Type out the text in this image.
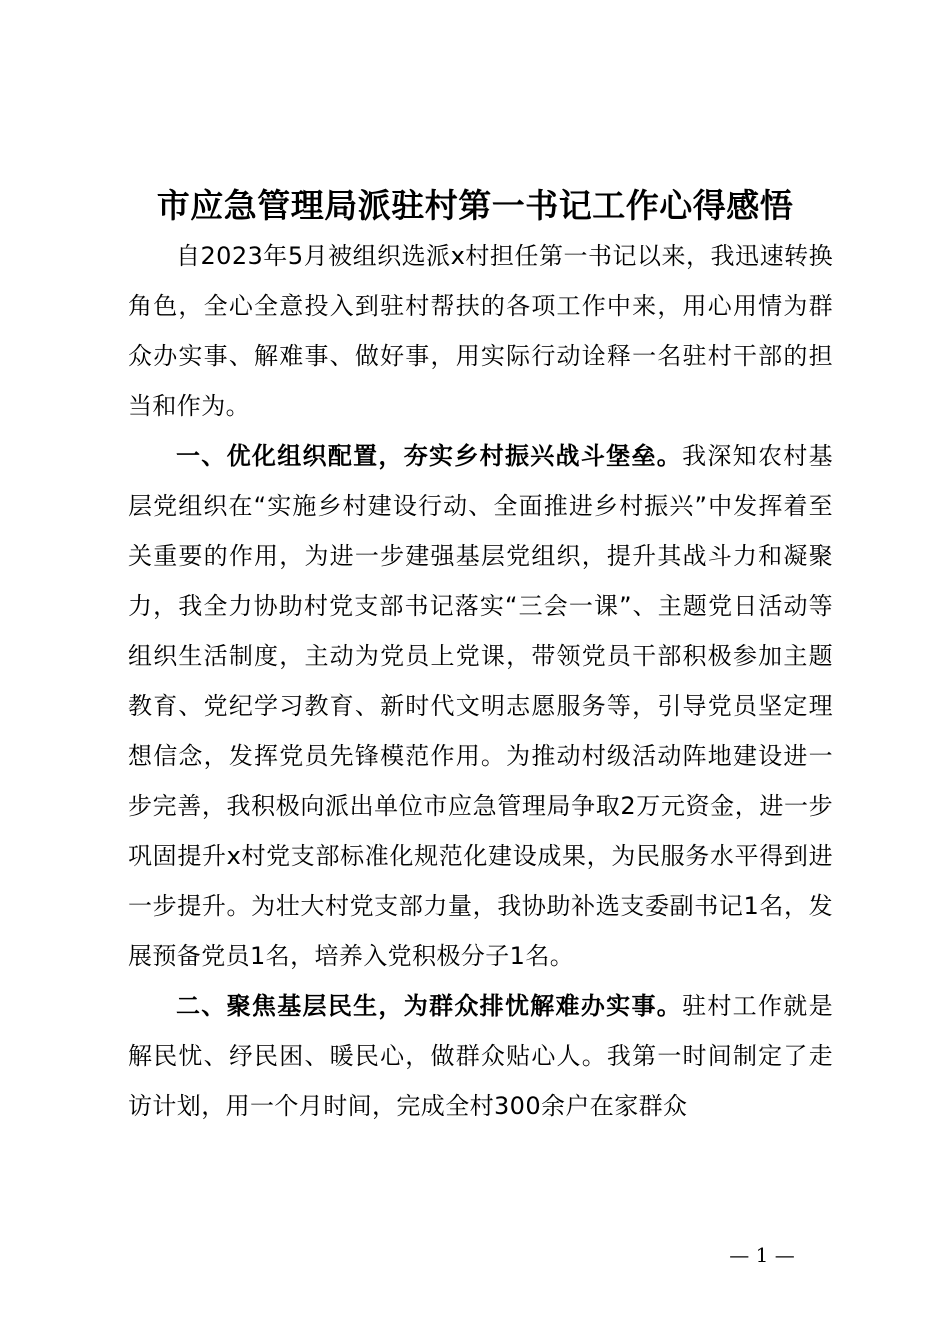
市应急管理局派驻村第一书记工作心得感悟

自2023年5月被组织选派x村担任第一书记以来，我迅速转换角色，全心全意投入到驻村帮扶的各项工作中来，用心用情为群众办实事、解难事、做好事，用实际行动诠释一名驻村干部的担当和作为。

一、优化组织配置，夯实乡村振兴战斗堡垒。我深知农村基层党组织在“实施乡村建设行动、全面推进乡村振兴”中发挥着至关重要的作用，为进一步建强基层党组织，提升其战斗力和凝聚力，我全力协助村党支部书记落实“三会一课”、主题党日活动等组织生活制度，主动为党员上党课，带领党员干部积极参加主题教育、党纪学习教育、新时代文明志愿服务等，引导党员坚定理想信念，发挥党员先锋模范作用。为推动村级活动阵地建设进一步完善，我积极向派出单位市应急管理局争取2万元资金，进一步巩固提升x村党支部标准化规范化建设成果，为民服务水平得到进一步提升。为壮大村党支部力量，我协助补选支委副书记1名，发展预备党员1名，培养入党积极分子1名。

二、聚焦基层民生，为群众排忧解难办实事。驻村工作就是解民忧、纾民困、暖民心，做群众贴心人。我第一时间制定了走访计划，用一个月时间，完成全村300余户在家群众

— 1 —
